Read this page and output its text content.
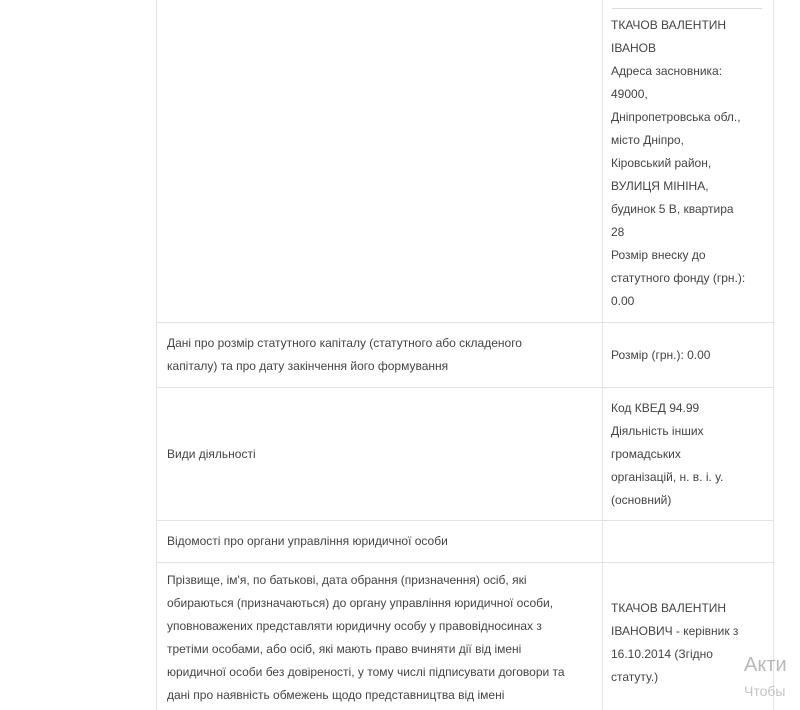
ТКАЧОВ ВАЛЕНТИН
ІВАНОВ
Адреса засновника:
49000,
Дніпропетровська обл.,
місто Дніпро,
Кіровський район,
ВУЛИЦЯ МІНІНА,
будинок 5 В, квартира
28
Розмір внеску до
статутного фонду (грн.):
0.00
Дані про розмір статутного капіталу (статутного або складеного
капіталу) та про дату закінчення його формування
Розмір (грн.): 0.00
Види діяльності
Код КВЕД 94.99
Діяльність інших
громадських
організацій, н. в. і. у.
(основний)
Відомості про органи управління юридичної особи
Прізвище, ім'я, по батькові, дата обрання (призначення) осіб, які
обираються (призначаються) до органу управління юридичної особи,
уповноважених представляти юридичну особу у правовідносинах з
третіми особами, або осіб, які мають право вчиняти дії від імені
юридичної особи без довіреності, у тому числі підписувати договори та
дані про наявність обмежень щодо представництва від імені
ТКАЧОВ ВАЛЕНТИН
ІВАНОВИЧ - керівник з
16.10.2014 (Згідно
статуту.)
Акти
Чтобы
